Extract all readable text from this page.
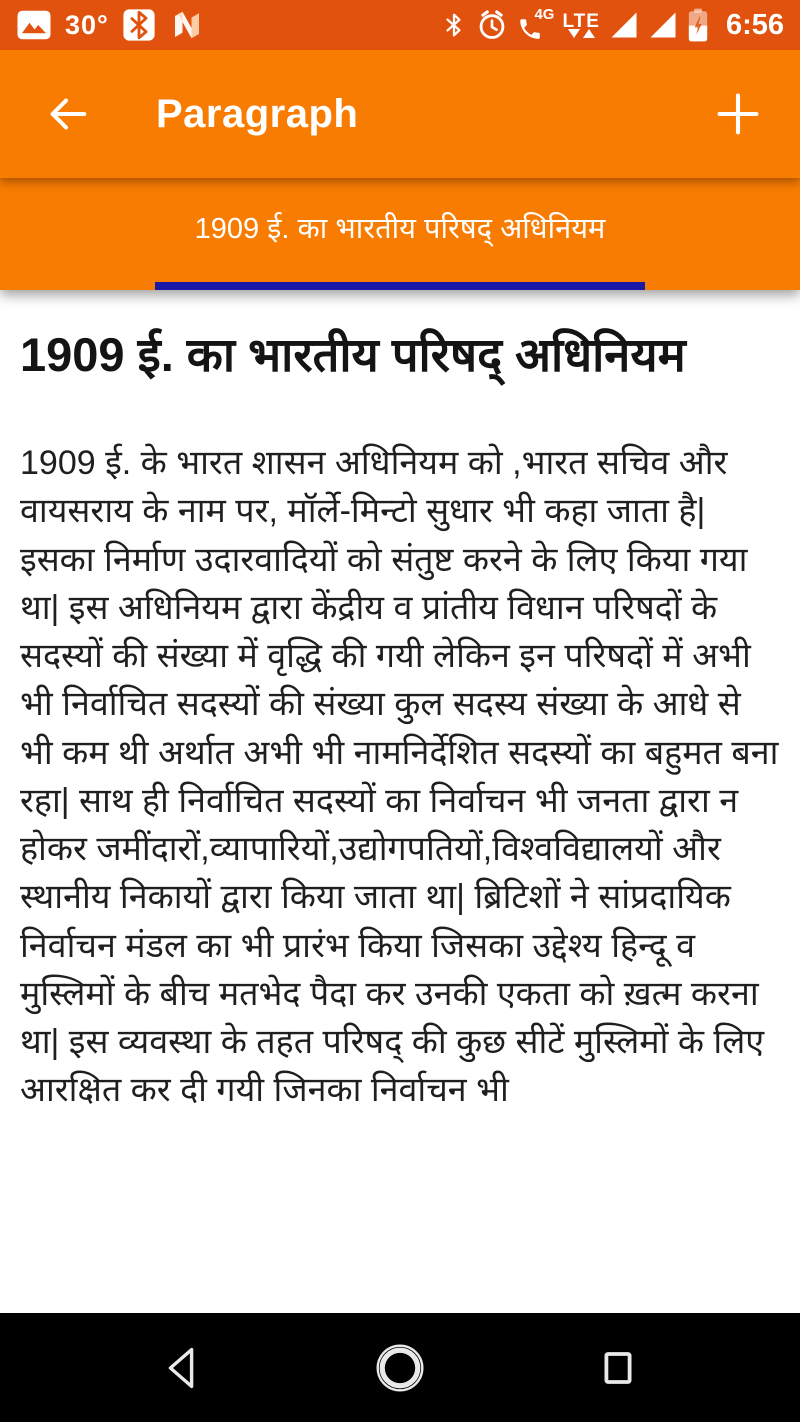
30°	4G LTE	6:56
Paragraph
1909 ई. का भारतीय परिषद् अधिनियम
1909 ई. का भारतीय परिषद् अधिनियम

1909 ई. के भारत शासन अधिनियम को ,भारत सचिव और वायसराय के नाम पर, मॉर्ले-मिन्टो सुधार भी कहा जाता है| इसका निर्माण उदारवादियों को संतुष्ट करने के लिए किया गया था| इस अधिनियम द्वारा केंद्रीय व प्रांतीय विधान परिषदों के सदस्यों की संख्या में वृद्धि की गयी लेकिन इन परिषदों में अभी भी निर्वाचित सदस्यों की संख्या कुल सदस्य संख्या के आधे से भी कम थी अर्थात अभी भी नामनिर्देशित सदस्यों का बहुमत बना रहा| साथ ही निर्वाचित सदस्यों का निर्वाचन भी जनता द्वारा न होकर जमींदारों,व्यापारियों,उद्योगपतियों,विश्वविद्यालयों और स्थानीय निकायों द्वारा किया जाता था| ब्रिटिशों ने सांप्रदायिक निर्वाचन मंडल का भी प्रारंभ किया जिसका उद्देश्य हिन्दू व मुस्लिमों के बीच मतभेद पैदा कर उनकी एकता को ख़त्म करना था| इस व्यवस्था के तहत परिषद् की कुछ सीटें मुस्लिमों के लिए आरक्षित कर दी गयी जिनका निर्वाचन भी
